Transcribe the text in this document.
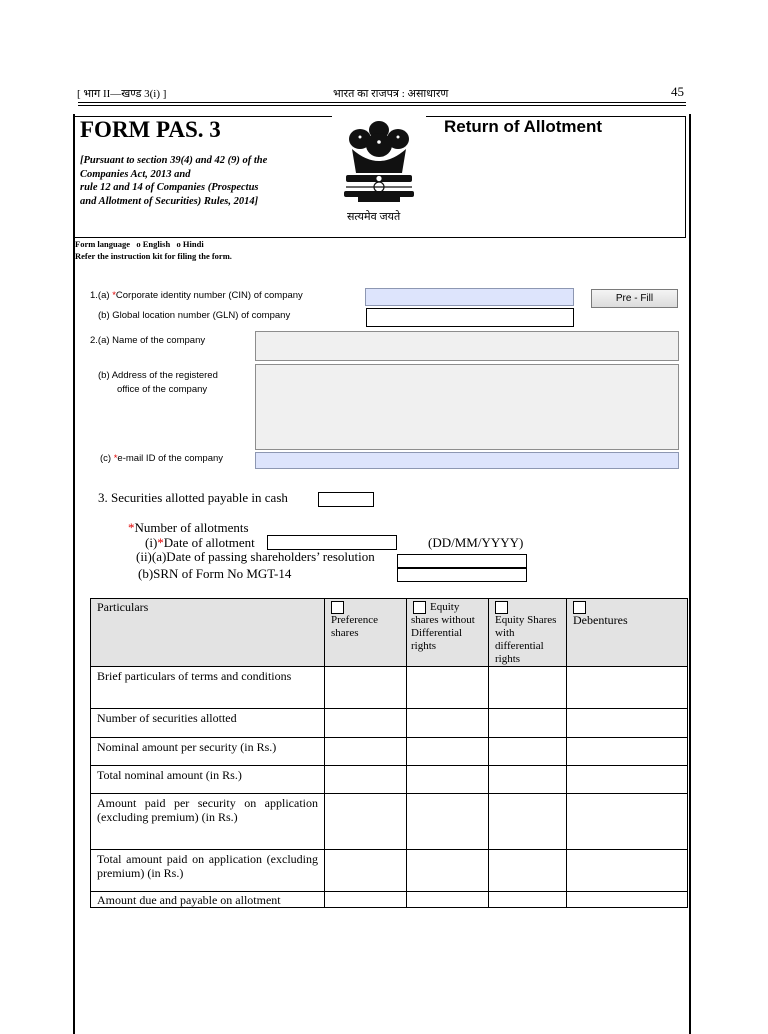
[ भाग II—खण्ड 3(i) ]	भारत का राजपत्र : असाधारण	45
FORM PAS. 3	Return of Allotment
[Pursuant to section 39(4) and 42 (9) of the
Companies Act, 2013 and
rule 12 and 14 of Companies (Prospectus
and Allotment of Securities) Rules, 2014]
सत्यमेव जयते
Form language o English o Hindi
Refer the instruction kit for filing the form.
1.(a) *Corporate identity number (CIN) of company	Pre - Fill
(b) Global location number (GLN) of company
2.(a) Name of the company
(b) Address of the registered
office of the company
(c) *e-mail ID of the company
3. Securities allotted payable in cash
*Number of allotments
(i)*Date of allotment	(DD/MM/YYYY)
(ii)(a)Date of passing shareholders’ resolution
(b)SRN of Form No MGT-14
Particulars	Preference shares	Equity shares without Differential rights	Equity Shares with differential rights	Debentures
Brief particulars of terms and conditions				
Number of securities allotted				
Nominal amount per security (in Rs.)				
Total nominal amount (in Rs.)				
Amount paid per security on application (excluding premium) (in Rs.)				
Total amount paid on application (excluding premium) (in Rs.)				
Amount due and payable on allotment				
